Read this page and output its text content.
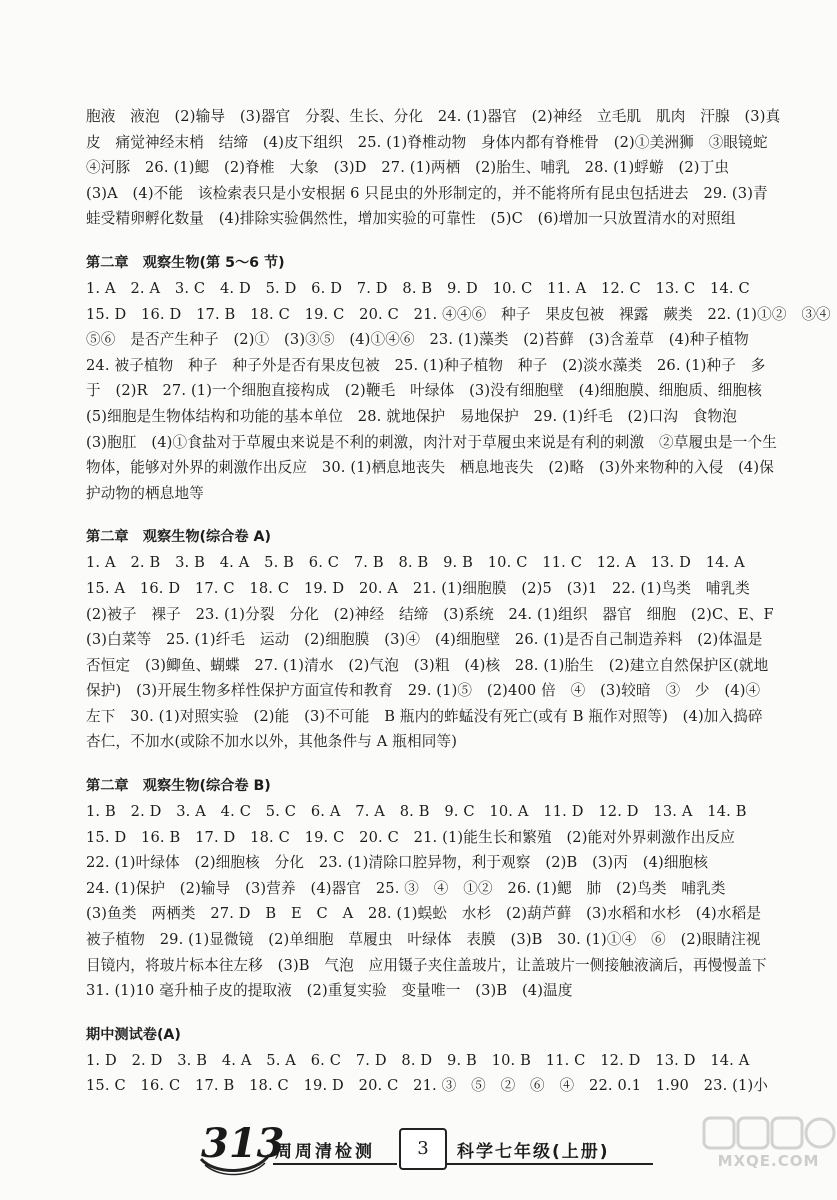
胞液　液泡　(2)输导　(3)器官　分裂、生长、分化　24. (1)器官　(2)神经　立毛肌　肌肉　汗腺　(3)真
皮　痛觉神经末梢　结缔　(4)皮下组织　25. (1)脊椎动物　身体内都有脊椎骨　(2)①美洲狮　③眼镜蛇
④河豚　26. (1)鳃　(2)脊椎　大象　(3)D　27. (1)两栖　(2)胎生、哺乳　28. (1)蜉蝣　(2)丁虫
(3)A　(4)不能　该检索表只是小安根据 6 只昆虫的外形制定的，并不能将所有昆虫包括进去　29. (3)青
蛙受精卵孵化数量　(4)排除实验偶然性，增加实验的可靠性　(5)C　(6)增加一只放置清水的对照组
第二章　观察生物(第 5～6 节)
1. A　2. A　3. C　4. D　5. D　6. D　7. D　8. B　9. D　10. C　11. A　12. C　13. C　14. C
15. D　16. D　17. B　18. C　19. C　20. C　21. ④④⑥　种子　果皮包被　裸露　蕨类　22. (1)①②　③④
⑤⑥　是否产生种子　(2)①　(3)③⑤　(4)①④⑥　23. (1)藻类　(2)苔藓　(3)含羞草　(4)种子植物
24. 被子植物　种子　种子外是否有果皮包被　25. (1)种子植物　种子　(2)淡水藻类　26. (1)种子　多
于　(2)R　27. (1)一个细胞直接构成　(2)鞭毛　叶绿体　(3)没有细胞壁　(4)细胞膜、细胞质、细胞核
(5)细胞是生物体结构和功能的基本单位　28. 就地保护　易地保护　29. (1)纤毛　(2)口沟　食物泡
(3)胞肛　(4)①食盐对于草履虫来说是不利的刺激，肉汁对于草履虫来说是有利的刺激　②草履虫是一个生
物体，能够对外界的刺激作出反应　30. (1)栖息地丧失　栖息地丧失　(2)略　(3)外来物种的入侵　(4)保
护动物的栖息地等
第二章　观察生物(综合卷 A)
1. A　2. B　3. B　4. A　5. B　6. C　7. B　8. B　9. B　10. C　11. C　12. A　13. D　14. A
15. A　16. D　17. C　18. C　19. D　20. A　21. (1)细胞膜　(2)5　(3)1　22. (1)鸟类　哺乳类
(2)被子　裸子　23. (1)分裂　分化　(2)神经　结缔　(3)系统　24. (1)组织　器官　细胞　(2)C、E、F
(3)白菜等　25. (1)纤毛　运动　(2)细胞膜　(3)④　(4)细胞壁　26. (1)是否自己制造养料　(2)体温是
否恒定　(3)鲫鱼、蝴蝶　27. (1)清水　(2)气泡　(3)粗　(4)核　28. (1)胎生　(2)建立自然保护区(就地
保护)　(3)开展生物多样性保护方面宣传和教育　29. (1)⑤　(2)400 倍　④　(3)较暗　③　少　(4)④
左下　30. (1)对照实验　(2)能　(3)不可能　B 瓶内的蚱蜢没有死亡(或有 B 瓶作对照等)　(4)加入捣碎
杏仁，不加水(或除不加水以外，其他条件与 A 瓶相同等)
第二章　观察生物(综合卷 B)
1. B　2. D　3. A　4. C　5. C　6. A　7. A　8. B　9. C　10. A　11. D　12. D　13. A　14. B
15. D　16. B　17. D　18. C　19. C　20. C　21. (1)能生长和繁殖　(2)能对外界刺激作出反应
22. (1)叶绿体　(2)细胞核　分化　23. (1)清除口腔异物，利于观察　(2)B　(3)丙　(4)细胞核
24. (1)保护　(2)输导　(3)营养　(4)器官　25. ③　④　①②　26. (1)鳃　肺　(2)鸟类　哺乳类
(3)鱼类　两栖类　27. D　B　E　C　A　28. (1)蜈蚣　水杉　(2)葫芦藓　(3)水稻和水杉　(4)水稻是
被子植物　29. (1)显微镜　(2)单细胞　草履虫　叶绿体　表膜　(3)B　30. (1)①④　⑥　(2)眼睛注视
目镜内，将玻片标本往左移　(3)B　气泡　应用镊子夹住盖玻片，让盖玻片一侧接触液滴后，再慢慢盖下
31. (1)10 毫升柚子皮的提取液　(2)重复实验　变量唯一　(3)B　(4)温度
期中测试卷(A)
1. D　2. D　3. B　4. A　5. A　6. C　7. D　8. D　9. B　10. B　11. C　12. D　13. D　14. A
15. C　16. C　17. B　18. C　19. D　20. C　21. ③　⑤　②　⑥　④　22. 0.1　1.90　23. (1)小
313
周周清检测	3	科学七年级(上册)	MXQE.COM
